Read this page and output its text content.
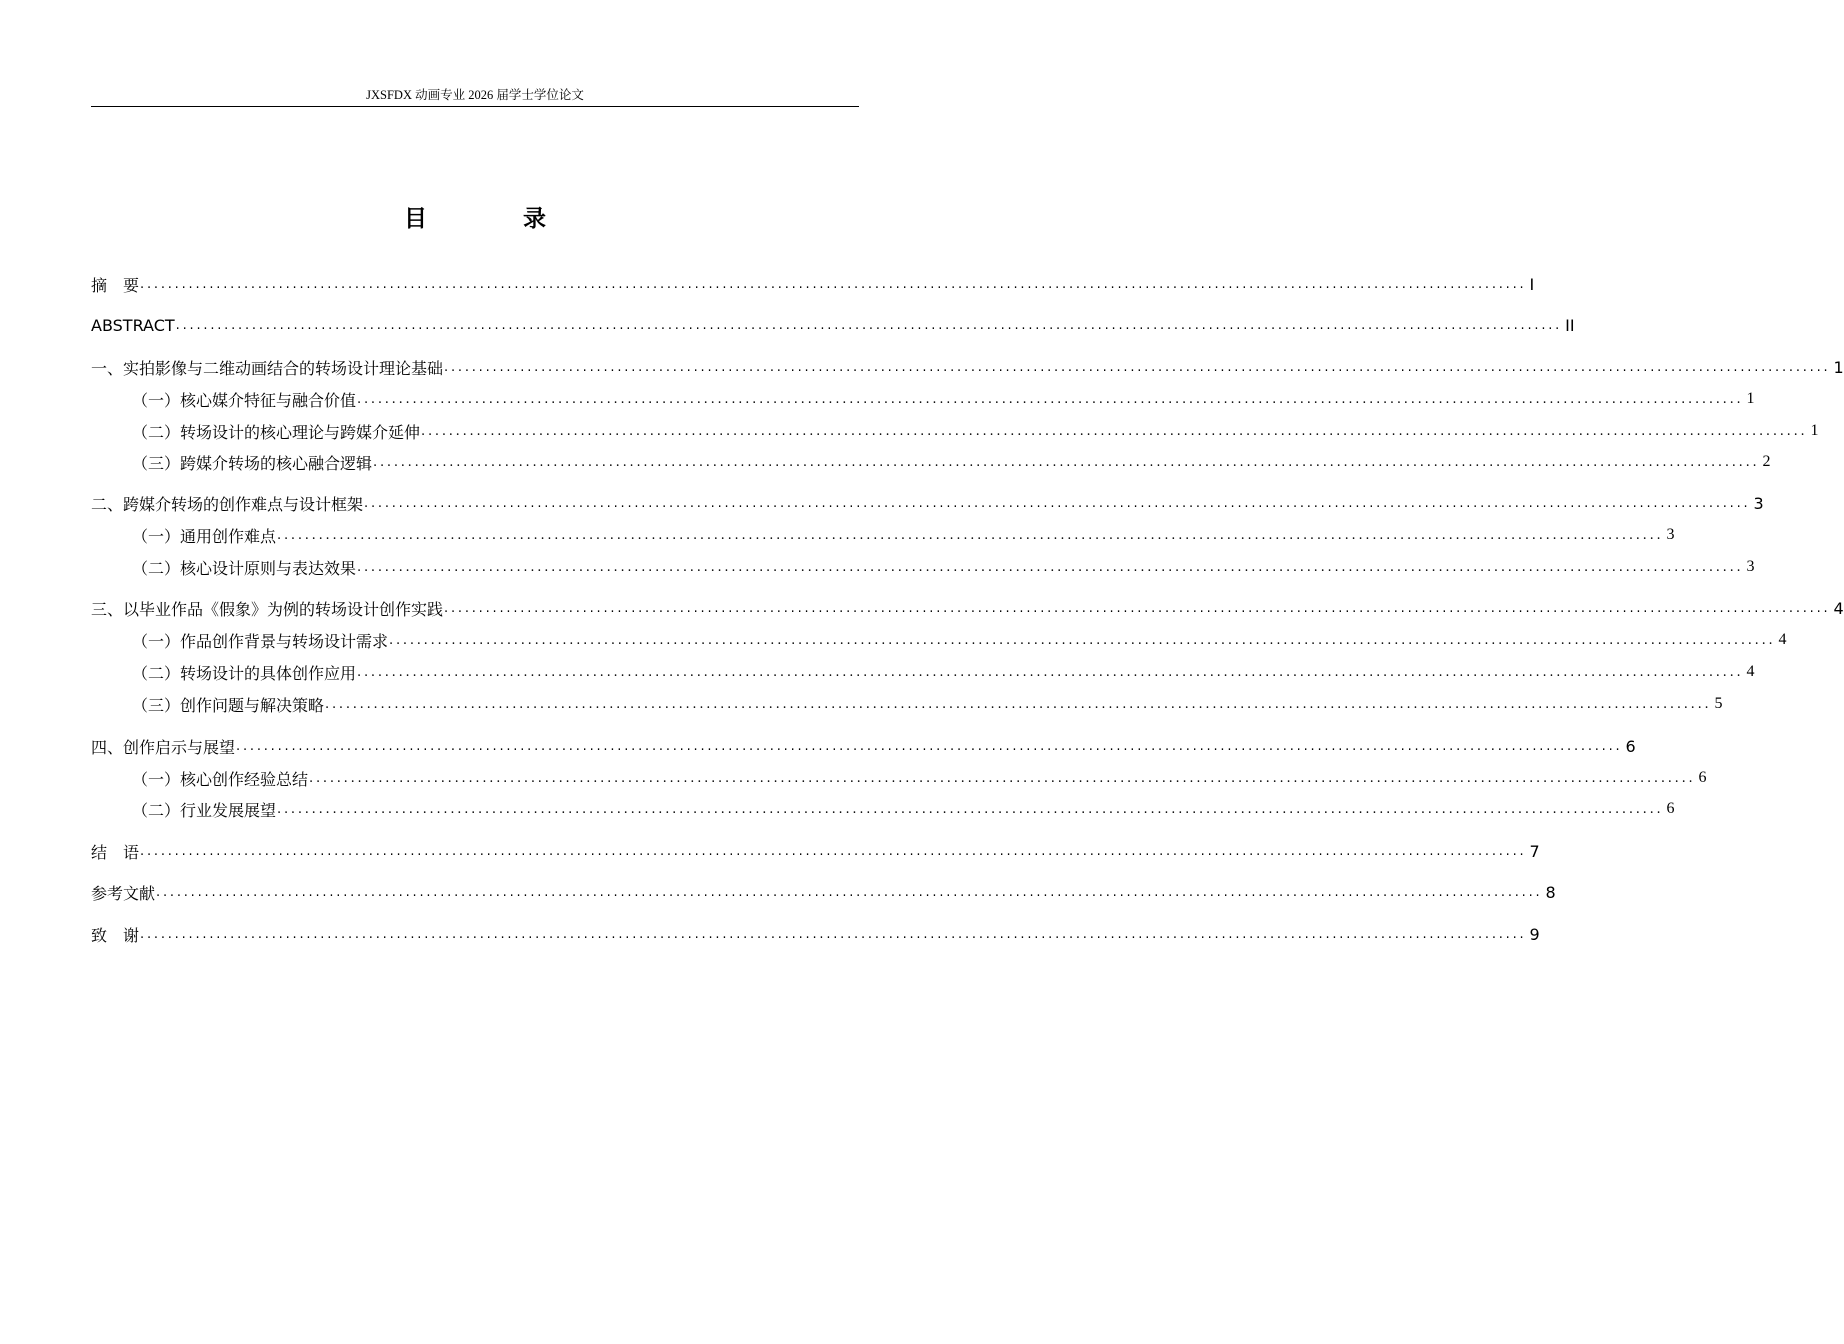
JXSFDX 动画专业 2026 届学士学位论文
目 录
摘　要 ........................................................................................................................................................................................................ I
ABSTRACT ........................................................................................................................................................................................................ II
一、实拍影像与二维动画结合的转场设计理论基础 ........................................................................................................................................................................................................ 1
（一）核心媒介特征与融合价值 ........................................................................................................................................................................................................ 1
（二）转场设计的核心理论与跨媒介延伸 ........................................................................................................................................................................................................ 1
（三）跨媒介转场的核心融合逻辑 ........................................................................................................................................................................................................ 2
二、跨媒介转场的创作难点与设计框架 ........................................................................................................................................................................................................ 3
（一）通用创作难点 ........................................................................................................................................................................................................ 3
（二）核心设计原则与表达效果 ........................................................................................................................................................................................................ 3
三、以毕业作品《假象》为例的转场设计创作实践 ........................................................................................................................................................................................................ 4
（一）作品创作背景与转场设计需求 ........................................................................................................................................................................................................ 4
（二）转场设计的具体创作应用 ........................................................................................................................................................................................................ 4
（三）创作问题与解决策略 ........................................................................................................................................................................................................ 5
四、创作启示与展望 ........................................................................................................................................................................................................ 6
（一）核心创作经验总结 ........................................................................................................................................................................................................ 6
（二）行业发展展望 ........................................................................................................................................................................................................ 6
结　语 ........................................................................................................................................................................................................ 7
参考文献 ........................................................................................................................................................................................................ 8
致　谢 ........................................................................................................................................................................................................ 9
